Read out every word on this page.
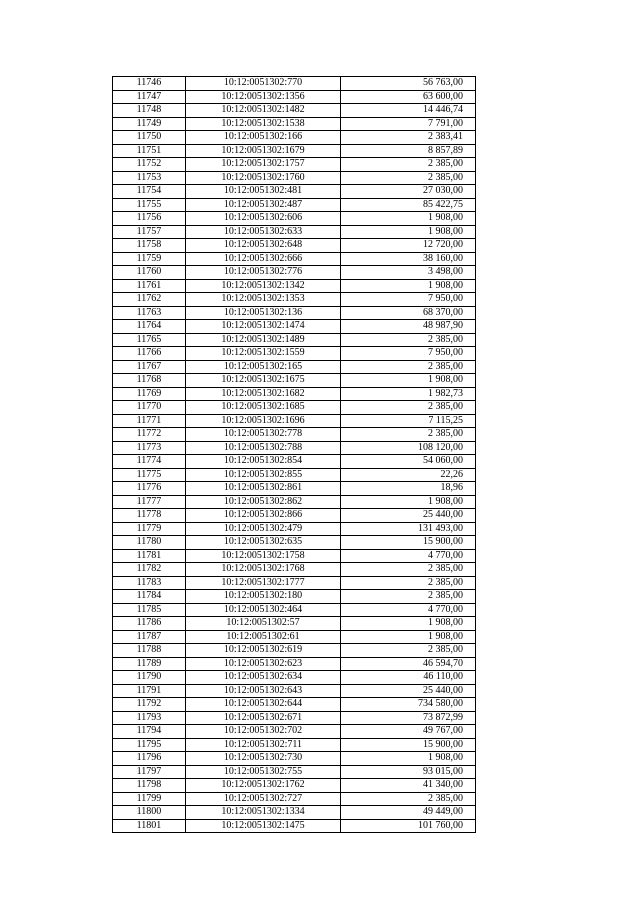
11746	10:12:0051302:770	56 763,00
11747	10:12:0051302:1356	63 600,00
11748	10:12:0051302:1482	14 446,74
11749	10:12:0051302:1538	7 791,00
11750	10:12:0051302:166	2 383,41
11751	10:12:0051302:1679	8 857,89
11752	10:12:0051302:1757	2 385,00
11753	10:12:0051302:1760	2 385,00
11754	10:12:0051302:481	27 030,00
11755	10:12:0051302:487	85 422,75
11756	10:12:0051302:606	1 908,00
11757	10:12:0051302:633	1 908,00
11758	10:12:0051302:648	12 720,00
11759	10:12:0051302:666	38 160,00
11760	10:12:0051302:776	3 498,00
11761	10:12:0051302:1342	1 908,00
11762	10:12:0051302:1353	7 950,00
11763	10:12:0051302:136	68 370,00
11764	10:12:0051302:1474	48 987,90
11765	10:12:0051302:1489	2 385,00
11766	10:12:0051302:1559	7 950,00
11767	10:12:0051302:165	2 385,00
11768	10:12:0051302:1675	1 908,00
11769	10:12:0051302:1682	1 982,73
11770	10:12:0051302:1685	2 385,00
11771	10:12:0051302:1696	7 115,25
11772	10:12:0051302:778	2 385,00
11773	10:12:0051302:788	108 120,00
11774	10:12:0051302:854	54 060,00
11775	10:12:0051302:855	22,26
11776	10:12:0051302:861	18,96
11777	10:12:0051302:862	1 908,00
11778	10:12:0051302:866	25 440,00
11779	10:12:0051302:479	131 493,00
11780	10:12:0051302:635	15 900,00
11781	10:12:0051302:1758	4 770,00
11782	10:12:0051302:1768	2 385,00
11783	10:12:0051302:1777	2 385,00
11784	10:12:0051302:180	2 385,00
11785	10:12:0051302:464	4 770,00
11786	10:12:0051302:57	1 908,00
11787	10:12:0051302:61	1 908,00
11788	10:12:0051302:619	2 385,00
11789	10:12:0051302:623	46 594,70
11790	10:12:0051302:634	46 110,00
11791	10:12:0051302:643	25 440,00
11792	10:12:0051302:644	734 580,00
11793	10:12:0051302:671	73 872,99
11794	10:12:0051302:702	49 767,00
11795	10:12:0051302:711	15 900,00
11796	10:12:0051302:730	1 908,00
11797	10:12:0051302:755	93 015,00
11798	10:12:0051302:1762	41 340,00
11799	10:12:0051302:727	2 385,00
11800	10:12:0051302:1334	49 449,00
11801	10:12:0051302:1475	101 760,00
